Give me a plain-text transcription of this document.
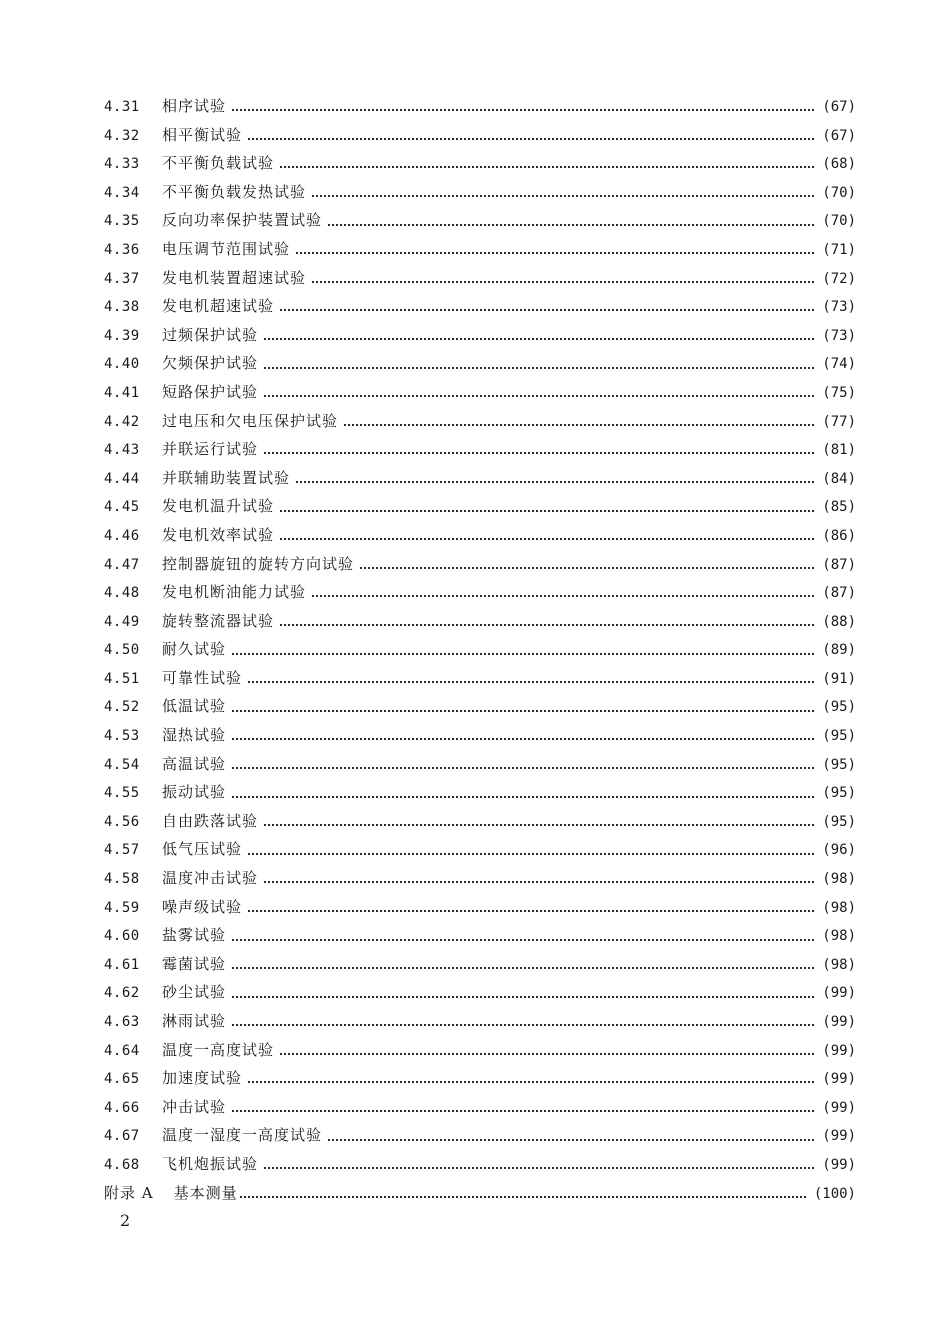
4.31	相序试验	(67)
4.32	相平衡试验	(67)
4.33	不平衡负载试验	(68)
4.34	不平衡负载发热试验	(70)
4.35	反向功率保护装置试验	(70)
4.36	电压调节范围试验	(71)
4.37	发电机装置超速试验	(72)
4.38	发电机超速试验	(73)
4.39	过频保护试验	(73)
4.40	欠频保护试验	(74)
4.41	短路保护试验	(75)
4.42	过电压和欠电压保护试验	(77)
4.43	并联运行试验	(81)
4.44	并联辅助装置试验	(84)
4.45	发电机温升试验	(85)
4.46	发电机效率试验	(86)
4.47	控制器旋钮的旋转方向试验	(87)
4.48	发电机断油能力试验	(87)
4.49	旋转整流器试验	(88)
4.50	耐久试验	(89)
4.51	可靠性试验	(91)
4.52	低温试验	(95)
4.53	湿热试验	(95)
4.54	高温试验	(95)
4.55	振动试验	(95)
4.56	自由跌落试验	(95)
4.57	低气压试验	(96)
4.58	温度冲击试验	(98)
4.59	噪声级试验	(98)
4.60	盐雾试验	(98)
4.61	霉菌试验	(98)
4.62	砂尘试验	(99)
4.63	淋雨试验	(99)
4.64	温度一高度试验	(99)
4.65	加速度试验	(99)
4.66	冲击试验	(99)
4.67	温度一湿度一高度试验	(99)
4.68	飞机炮振试验	(99)
附录 A	基本测量	(100)
2
